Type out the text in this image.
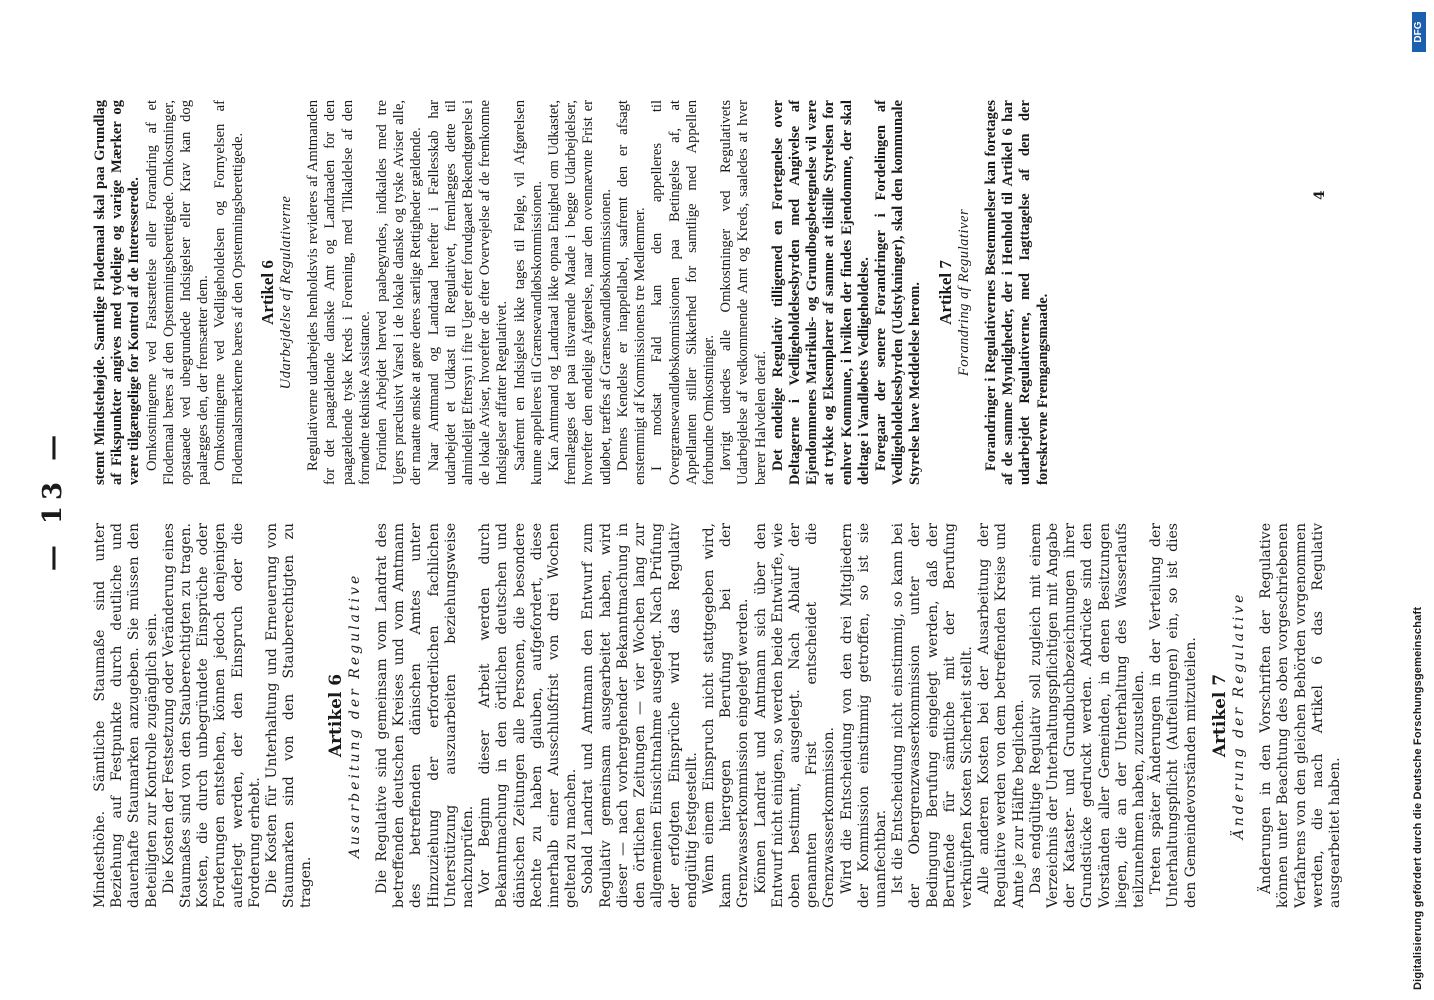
— 13 —

Mindesthöhe. Sämtliche Staumaße sind unter Beziehung auf Festpunkte durch deutliche und dauerhafte Staumarken anzugeben. Sie müssen den Beteiligten zur Kontrolle zugänglich sein. Die Kosten der Festsetzung oder Veränderung eines Staumaßes sind von den Stauberechtigten zu tragen. Kosten, die durch unbegründete Einsprüche oder Forderungen entstehen, können jedoch denjenigen auferlegt werden, der den Einspruch oder die Forderung erhebt. Die Kosten für Unterhaltung und Erneuerung von Staumarken sind von den Stauberechtigten zu tragen.

Artikel 6 Ausarbeitung der Regulative Die Regulative sind gemeinsam vom Landrat des betreffenden deutschen Kreises und vom Amtmann des betreffenden dänischen Amtes unter Hinzuziehung der erforderlichen fachlichen Unterstützung auszuarbeiten beziehungsweise nachzuprüfen. Vor Beginn dieser Arbeit werden durch Bekanntmachung in den örtlichen deutschen und dänischen Zeitungen alle Personen, die besondere Rechte zu haben glauben, aufgefordert, diese innerhalb einer Ausschlußfrist von drei Wochen geltend zu machen. Sobald Landrat und Amtmann den Entwurf zum Regulativ gemeinsam ausgearbeitet haben, wird dieser — nach vorhergehender Bekanntmachung in den örtlichen Zeitungen — vier Wochen lang zur allgemeinen Einsichtnahme ausgelegt. Nach Prüfung der erfolgten Einsprüche wird das Regulativ endgültig festgestellt. Wenn einem Einspruch nicht stattgegeben wird, kann hiergegen Berufung bei der Grenzwasserkommission eingelegt werden. Können Landrat und Amtmann sich über den Entwurf nicht einigen, so werden beide Entwürfe, wie oben bestimmt, ausgelegt. Nach Ablauf der genannten Frist entscheidet die Grenzwasserkommission. Wird die Entscheidung von den drei Mitgliedern der Kommission einstimmig getroffen, so ist sie unanfechtbar. Ist die Entscheidung nicht einstimmig, so kann bei der Obergrenzwasserkommission unter der Bedingung Berufung eingelegt werden, daß der Berufende für sämtliche mit der Berufung verknüpften Kosten Sicherheit stellt. Alle anderen Kosten bei der Ausarbeitung der Regulative werden von dem betreffenden Kreise und Amte je zur Hälfte beglichen. Das endgültige Regulativ soll zugleich mit einem Verzeichnis der Unterhaltungspflichtigen mit Angabe der Kataster- und Grundbuchbezeichnungen ihrer Grundstücke gedruckt werden. Abdrücke sind den Vorständen aller Gemeinden, in denen Besitzungen liegen, die an der Unterhaltung des Wasserlaufs teilzunehmen haben, zuzustellen. Treten später Änderungen in der Verteilung der Unterhaltungspflicht (Aufteilungen) ein, so ist dies den Gemeindevorständen mitzuteilen. Artikel 7 Änderung der Regulative Änderungen in den Vorschriften der Regulative können unter Beachtung des oben vorgeschriebenen Verfahrens von den gleichen Behörden vorgenommen werden, die nach Artikel 6 das Regulativ ausgearbeitet haben.

stemt Mindstehøjde. Samtlige Flodemaal skal paa Grundlag af Fikspunkter angives med tydelige og varige Mærker og være tilgængelige for Kontrol af de Interesserede. Omkostningerne ved Fastsættelse eller Forandring af et Flodemaal bæres af den Opstemningsberettigede. Omkostninger, opstaaede ved ubegrundede Indsigelser eller Krav kan dog paalægges den, der fremsætter dem. Omkostningerne ved Vedligeholdelsen og Fornyelsen af Flodemaalsmærkerne bæres af den Opstemningsberettigede. Artikel 6 Udarbejdelse af Regulativerne Regulativerne udarbejdes henholdsvis revideres af Amtmanden for det paagældende danske Amt og Landraaden for den paagældende tyske Kreds i Forening, med Tilkaldelse af den fornødne tekniske Assistance. Forinden Arbejdet herved paabegyndes, indkaldes med tre Ugers præclusivt Varsel i de lokale danske og tyske Aviser alle, der maatte ønske at gøre deres særlige Rettigheder gældende. Naar Amtmand og Landraad herefter i Fællesskab har udarbejdet et Udkast til Regulativet, fremlægges dette til almindeligt Eftersyn i fire Uger efter forudgaaet Bekendtgørelse i de lokale Aviser, hvorefter de efter Overvejelse af de fremkomne Indsigelser affatter Regulativet. Saafremt en Indsigelse ikke tages til Følge, vil Afgørelsen kunne appelleres til Grænsevandløbskommissionen. Kan Amtmand og Landraad ikke opnaa Enighed om Udkastet, fremlægges det paa tilsvarende Maade i begge Udarbejdelser, hvorefter den endelige Afgørelse, naar den ovennævnte Frist er udløbet, træffes af Grænsevandløbskommissionen. Dennes Kendelse er inappellabel, saafremt den er afsagt enstemmigt af Kommissionens tre Medlemmer. I modsat Fald kan den appelleres til Overgrænsevandløbskommissionen paa Betingelse af, at Appellanten stiller Sikkerhed for samtlige med Appellen forbundne Omkostninger. Iøvrigt udredes alle Omkostninger ved Regulativets Udarbejdelse af vedkommende Amt og Kreds, saaledes at hver bærer Halvdelen deraf. Det endelige Regulativ tilligemed en Fortegnelse over Deltagerne i Vedligeholdelsesbyrden med Angivelse af Ejendommenes Matrikuls- og Grundbogsbetegnelse vil være at trykke og Eksemplarer af samme at tilstille Styrelsen for enhver Kommune, i hvilken der findes Ejendomme, der skal deltage i Vandløbets Vedligeholdelse. Foregaar der senere Forandringer i Fordelingen af Vedligeholdelsesbyrden (Udstykninger), skal den kommunale Styrelse have Meddelelse herom. Artikel 7 Forandring af Regulativer Forandringer i Regulativernes Bestemmelser kan foretages af de samme Myndigheder, der i Henhold til Artikel 6 har udarbejdet Regulativerne, med Iagttagelse af den der foreskrevne Fremgangsmaade.

4
Digitalisierung gefördert durch die Deutsche Forschungsgemeinschaft
DFG
